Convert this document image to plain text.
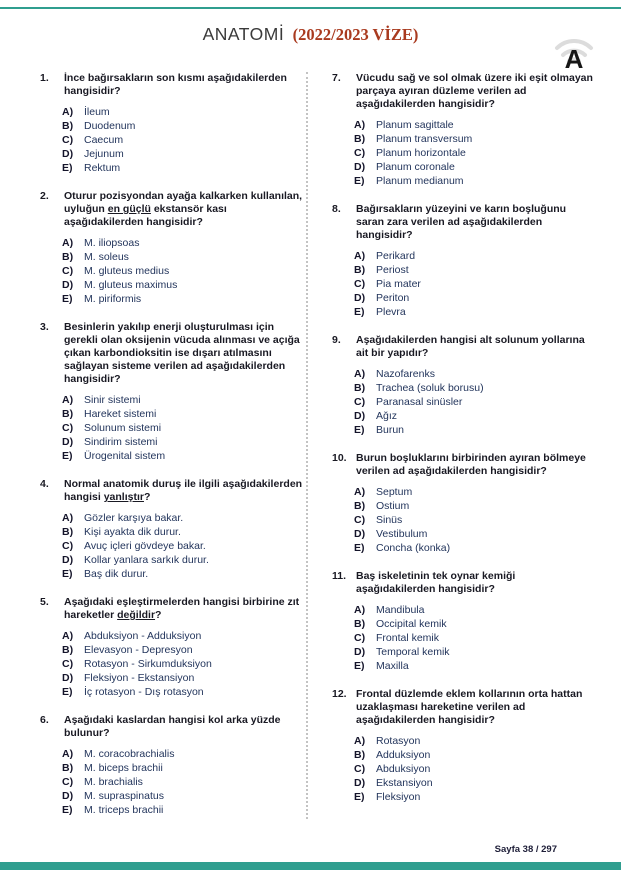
ANATOMİ (2022/2023 VİZE)
A
1.	İnce bağırsakların son kısmı aşağıdakilerden hangisidir?
A)	İleum
B)	Duodenum
C)	Caecum
D)	Jejunum
E)	Rektum
2.	Oturur pozisyondan ayağa kalkarken kullanılan, uyluğun en güçlü ekstansör kası aşağıdakilerden hangisidir?
A)	M. iliopsoas
B)	M. soleus
C)	M. gluteus medius
D)	M. gluteus maximus
E)	M. piriformis
3.	Besinlerin yakılıp enerji oluşturulması için gerekli olan oksijenin vücuda alınması ve açığa çıkan karbondioksitin ise dışarı atılmasını sağlayan sisteme verilen ad aşağıdakilerden hangisidir?
A)	Sinir sistemi
B)	Hareket sistemi
C)	Solunum sistemi
D)	Sindirim sistemi
E)	Ürogenital sistem
4.	Normal anatomik duruş ile ilgili aşağıdakilerden hangisi yanlıştır?
A)	Gözler karşıya bakar.
B)	Kişi ayakta dik durur.
C)	Avuç içleri gövdeye bakar.
D)	Kollar yanlara sarkık durur.
E)	Baş dik durur.
5.	Aşağıdaki eşleştirmelerden hangisi birbirine zıt hareketler değildir?
A)	Abduksiyon - Adduksiyon
B)	Elevasyon - Depresyon
C)	Rotasyon - Sirkumduksiyon
D)	Fleksiyon - Ekstansiyon
E)	İç rotasyon - Dış rotasyon
6.	Aşağıdaki kaslardan hangisi kol arka yüzde bulunur?
A)	M. coracobrachialis
B)	M. biceps brachii
C)	M. brachialis
D)	M. supraspinatus
E)	M. triceps brachii
7.	Vücudu sağ ve sol olmak üzere iki eşit olmayan parçaya ayıran düzleme verilen ad aşağıdakilerden hangisidir?
A)	Planum sagittale
B)	Planum transversum
C)	Planum horizontale
D)	Planum coronale
E)	Planum medianum
8.	Bağırsakların yüzeyini ve karın boşluğunu saran zara verilen ad aşağıdakilerden hangisidir?
A)	Perikard
B)	Periost
C)	Pia mater
D)	Periton
E)	Plevra
9.	Aşağıdakilerden hangisi alt solunum yollarına ait bir yapıdır?
A)	Nazofarenks
B)	Trachea (soluk borusu)
C)	Paranasal sinüsler
D)	Ağız
E)	Burun
10. Burun boşluklarını birbirinden ayıran bölmeye verilen ad aşağıdakilerden hangisidir?
A)	Septum
B)	Ostium
C)	Sinüs
D)	Vestibulum
E)	Concha (konka)
11. Baş iskeletinin tek oynar kemiği aşağıdakilerden hangisidir?
A)	Mandibula
B)	Occipital kemik
C)	Frontal kemik
D)	Temporal kemik
E)	Maxilla
12. Frontal düzlemde eklem kollarının orta hattan uzaklaşması hareketine verilen ad aşağıdakilerden hangisidir?
A)	Rotasyon
B)	Adduksiyon
C)	Abduksiyon
D)	Ekstansiyon
E)	Fleksiyon
Sayfa 38 / 297
